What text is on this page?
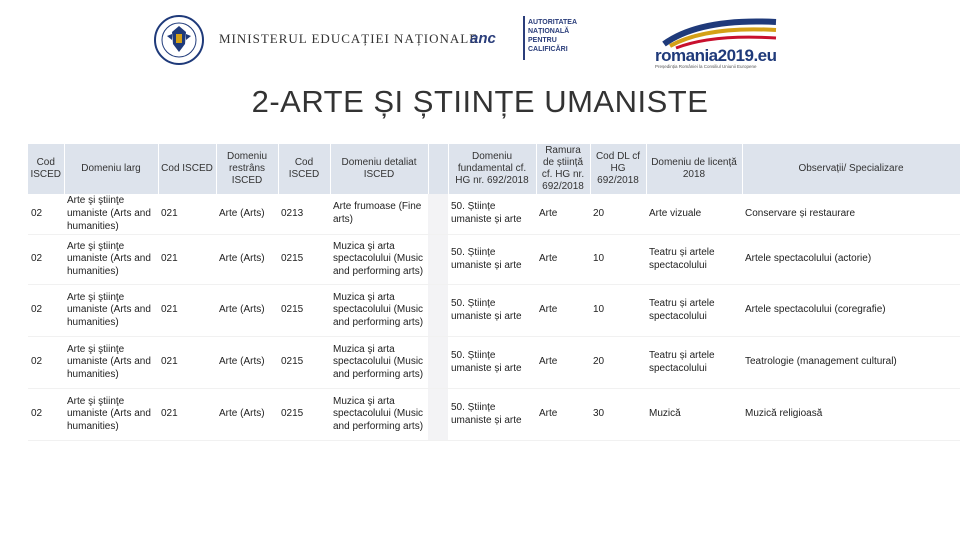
MINISTERUL EDUCAȚIEI NAȚIONALE
anc
AUTORITATEA NAȚIONALĂ PENTRU CALIFICĂRI	romania2019.eu
Președinția României la Consiliul Uniunii Europene
2-ARTE ȘI ȘTIINȚE UMANISTE
Cod ISCED	Domeniu larg	Cod ISCED	Domeniu restrâns ISCED	Cod ISCED	Domeniu detaliat ISCED		Domeniu fundamental cf. HG nr. 692/2018	Ramura de știință cf. HG nr. 692/2018	Cod DL cf HG 692/2018	Domeniu de licență 2018	Observații/ Specializare
02	Arte şi ştiinţe umaniste (Arts and humanities)	021	Arte (Arts)	0213	Arte frumoase (Fine arts)		50. Științe umaniste și arte	Arte	20	Arte vizuale	Conservare și restaurare
02	Arte şi ştiinţe umaniste (Arts and humanities)	021	Arte (Arts)	0215	Muzica şi arta spectacolului (Music and performing arts)		50. Științe umaniste și arte	Arte	10	Teatru și artele spectacolului	Artele spectacolului (actorie)
02	Arte şi ştiinţe umaniste (Arts and humanities)	021	Arte (Arts)	0215	Muzica şi arta spectacolului (Music and performing arts)		50. Științe umaniste și arte	Arte	10	Teatru și artele spectacolului	Artele spectacolului (coregrafie)
02	Arte şi ştiinţe umaniste (Arts and humanities)	021	Arte (Arts)	0215	Muzica şi arta spectacolului (Music and performing arts)		50. Științe umaniste și arte	Arte	20	Teatru și artele spectacolului	Teatrologie (management cultural)
02	Arte şi ştiinţe umaniste (Arts and humanities)	021	Arte (Arts)	0215	Muzica şi arta spectacolului (Music and performing arts)		50. Științe umaniste și arte	Arte	30	Muzică	Muzică religioasă
